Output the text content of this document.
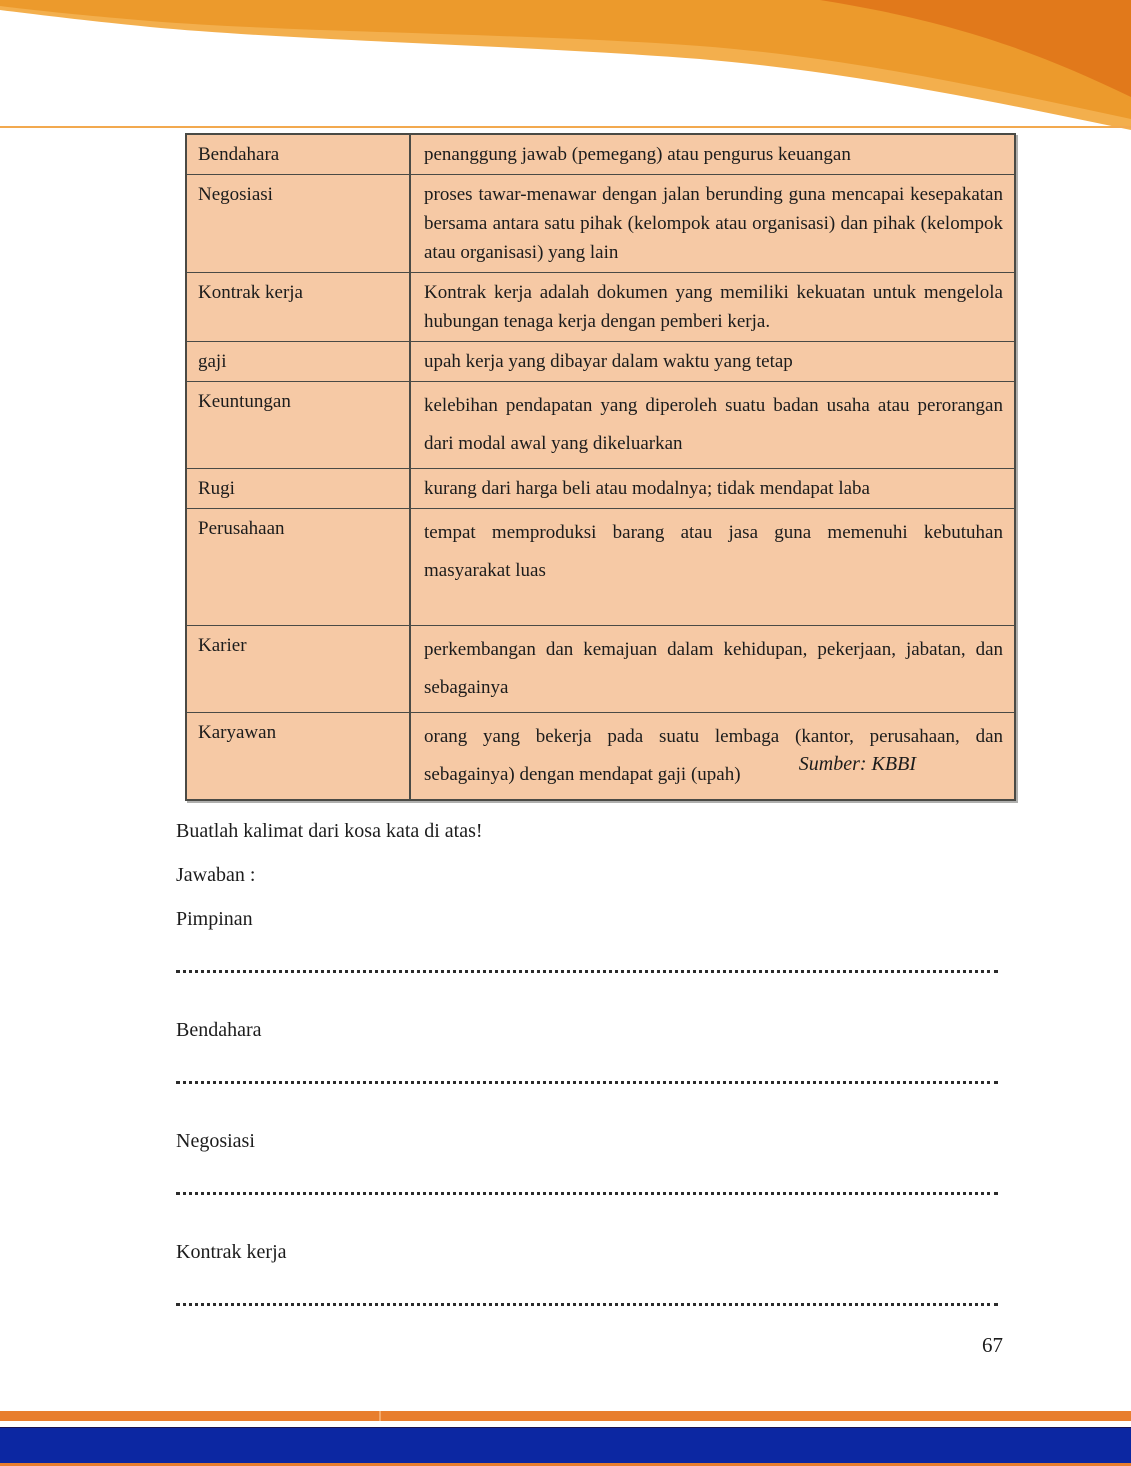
Bendahara	penanggung jawab (pemegang) atau pengurus keuangan
Negosiasi	proses tawar-menawar dengan jalan berunding guna mencapai kesepakatan bersama antara satu pihak (kelompok atau organisasi) dan pihak (kelompok atau organisasi) yang lain
Kontrak kerja	Kontrak kerja adalah dokumen yang memiliki kekuatan untuk mengelola hubungan tenaga kerja dengan pemberi kerja.
gaji	upah kerja yang dibayar dalam waktu yang tetap
Keuntungan	kelebihan pendapatan yang diperoleh suatu badan usaha atau perorangan dari modal awal yang dikeluarkan
Rugi	kurang dari harga beli atau modalnya; tidak mendapat laba
Perusahaan	tempat memproduksi barang atau jasa guna memenuhi kebutuhan masyarakat luas
Karier	perkembangan dan kemajuan dalam kehidupan, pekerjaan, jabatan, dan sebagainya
Karyawan	orang yang bekerja pada suatu lembaga (kantor, perusahaan, dan sebagainya) dengan mendapat gaji (upah)	Sumber: KBBI

Buatlah kalimat dari kosa kata di atas!

Jawaban :

Pimpinan

Bendahara

Negosiasi

Kontrak kerja

67
